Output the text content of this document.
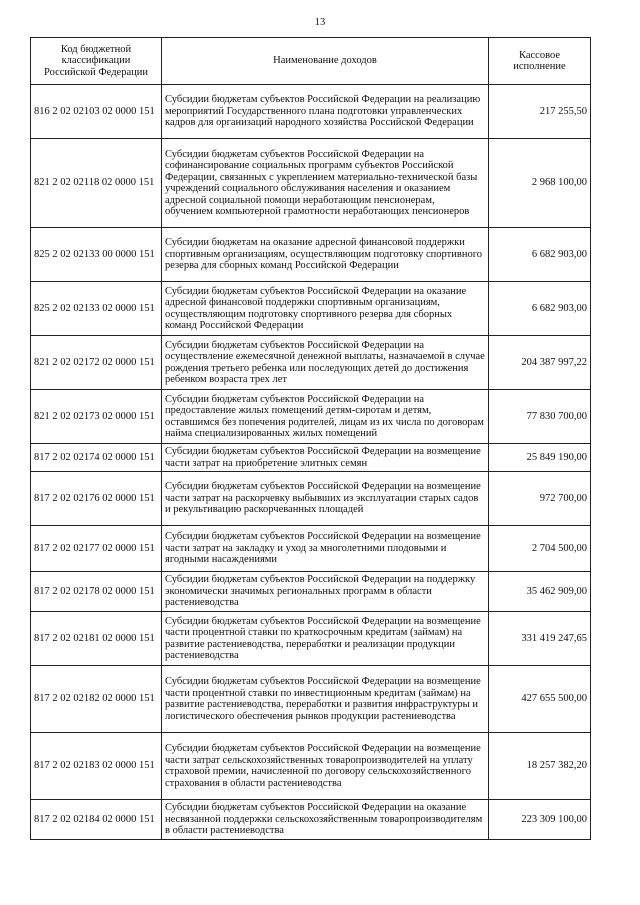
13
Код бюджетной классификации Российской Федерации	Наименование доходов	Кассовое исполнение
816 2 02 02103 02 0000 151	Субсидии бюджетам субъектов Российской Федерации на реализацию мероприятий Государственного плана подготовки управленческих кадров для организаций народного хозяйства Российской Федерации	217 255,50
821 2 02 02118 02 0000 151	Субсидии бюджетам субъектов Российской Федерации на софинансирование социальных программ субъектов Российской Федерации, связанных с укреплением материально-технической базы учреждений социального обслуживания населения и оказанием адресной социальной помощи неработающим пенсионерам, обучением компьютерной грамотности неработающих пенсионеров	2 968 100,00
825 2 02 02133 00 0000 151	Субсидии бюджетам на оказание адресной финансовой поддержки спортивным организациям, осуществляющим подготовку спортивного резерва для сборных команд Российской Федерации	6 682 903,00
825 2 02 02133 02 0000 151	Субсидии бюджетам субъектов Российской Федерации на оказание адресной финансовой поддержки спортивным организациям, осуществляющим подготовку спортивного резерва для сборных команд Российской Федерации	6 682 903,00
821 2 02 02172 02 0000 151	Субсидии бюджетам субъектов Российской Федерации на осуществление ежемесячной денежной выплаты, назначаемой в случае рождения третьего ребенка или последующих детей до достижения ребенком возраста трех лет	204 387 997,22
821 2 02 02173 02 0000 151	Субсидии бюджетам субъектов Российской Федерации на предоставление жилых помещений детям-сиротам и детям, оставшимся без попечения родителей, лицам из их числа по договорам найма специализированных жилых помещений	77 830 700,00
817 2 02 02174 02 0000 151	Субсидии бюджетам субъектов Российской Федерации на возмещение части затрат на приобретение элитных семян	25 849 190,00
817 2 02 02176 02 0000 151	Субсидии бюджетам субъектов Российской Федерации на возмещение части затрат на раскорчевку выбывших из эксплуатации старых садов и рекультивацию раскорчеванных площадей	972 700,00
817 2 02 02177 02 0000 151	Субсидии бюджетам субъектов Российской Федерации на возмещение части затрат на закладку и уход за многолетними плодовыми и ягодными насаждениями	2 704 500,00
817 2 02 02178 02 0000 151	Субсидии бюджетам субъектов Российской Федерации на поддержку экономически значимых региональных программ в области растениеводства	35 462 909,00
817 2 02 02181 02 0000 151	Субсидии бюджетам субъектов Российской Федерации на возмещение части процентной ставки по краткосрочным кредитам (займам) на развитие растениеводства, переработки и реализации продукции растениеводства	331 419 247,65
817 2 02 02182 02 0000 151	Субсидии бюджетам субъектов Российской Федерации на возмещение части процентной ставки по инвестиционным кредитам (займам) на развитие растениеводства, переработки и развития инфраструктуры и логистического обеспечения рынков продукции растениеводства	427 655 500,00
817 2 02 02183 02 0000 151	Субсидии бюджетам субъектов Российской Федерации на возмещение части затрат сельскохозяйственных товаропроизводителей на уплату страховой премии, начисленной по договору сельскохозяйственного страхования в области растениеводства	18 257 382,20
817 2 02 02184 02 0000 151	Субсидии бюджетам субъектов Российской Федерации на оказание несвязанной поддержки сельскохозяйственным товаропроизводителям в области растениеводства	223 309 100,00
